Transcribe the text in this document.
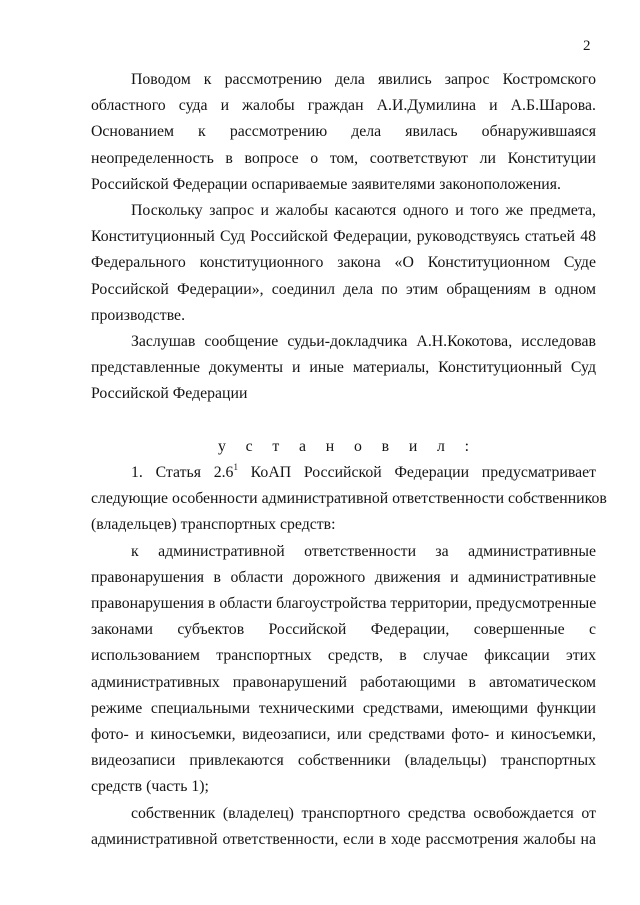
2

Поводом к рассмотрению дела явились запрос Костромского
областного суда и жалобы граждан А.И.Думилина и А.Б.Шарова.
Основанием к рассмотрению дела явилась обнаружившаяся
неопределенность в вопросе о том, соответствуют ли Конституции
Российской Федерации оспариваемые заявителями законоположения.

Поскольку запрос и жалобы касаются одного и того же предмета,
Конституционный Суд Российской Федерации, руководствуясь статьей 48
Федерального конституционного закона «О Конституционном Суде
Российской Федерации», соединил дела по этим обращениям в одном
производстве.

Заслушав сообщение судьи-докладчика А.Н.Кокотова, исследовав
представленные документы и иные материалы, Конституционный Суд
Российской Федерации

у с т а н о в и л :

1. Статья $2.6^1$ КоАП Российской Федерации предусматривает
следующие особенности административной ответственности собственников
(владельцев) транспортных средств:

к административной ответственности за административные
правонарушения в области дорожного движения и административные
правонарушения в области благоустройства территории, предусмотренные
законами субъектов Российской Федерации, совершенные с
использованием транспортных средств, в случае фиксации этих
административных правонарушений работающими в автоматическом
режиме специальными техническими средствами, имеющими функции
фото- и киносъемки, видеозаписи, или средствами фото- и киносъемки,
видеозаписи привлекаются собственники (владельцы) транспортных
средств (часть 1);

собственник (владелец) транспортного средства освобождается от
административной ответственности, если в ходе рассмотрения жалобы на
